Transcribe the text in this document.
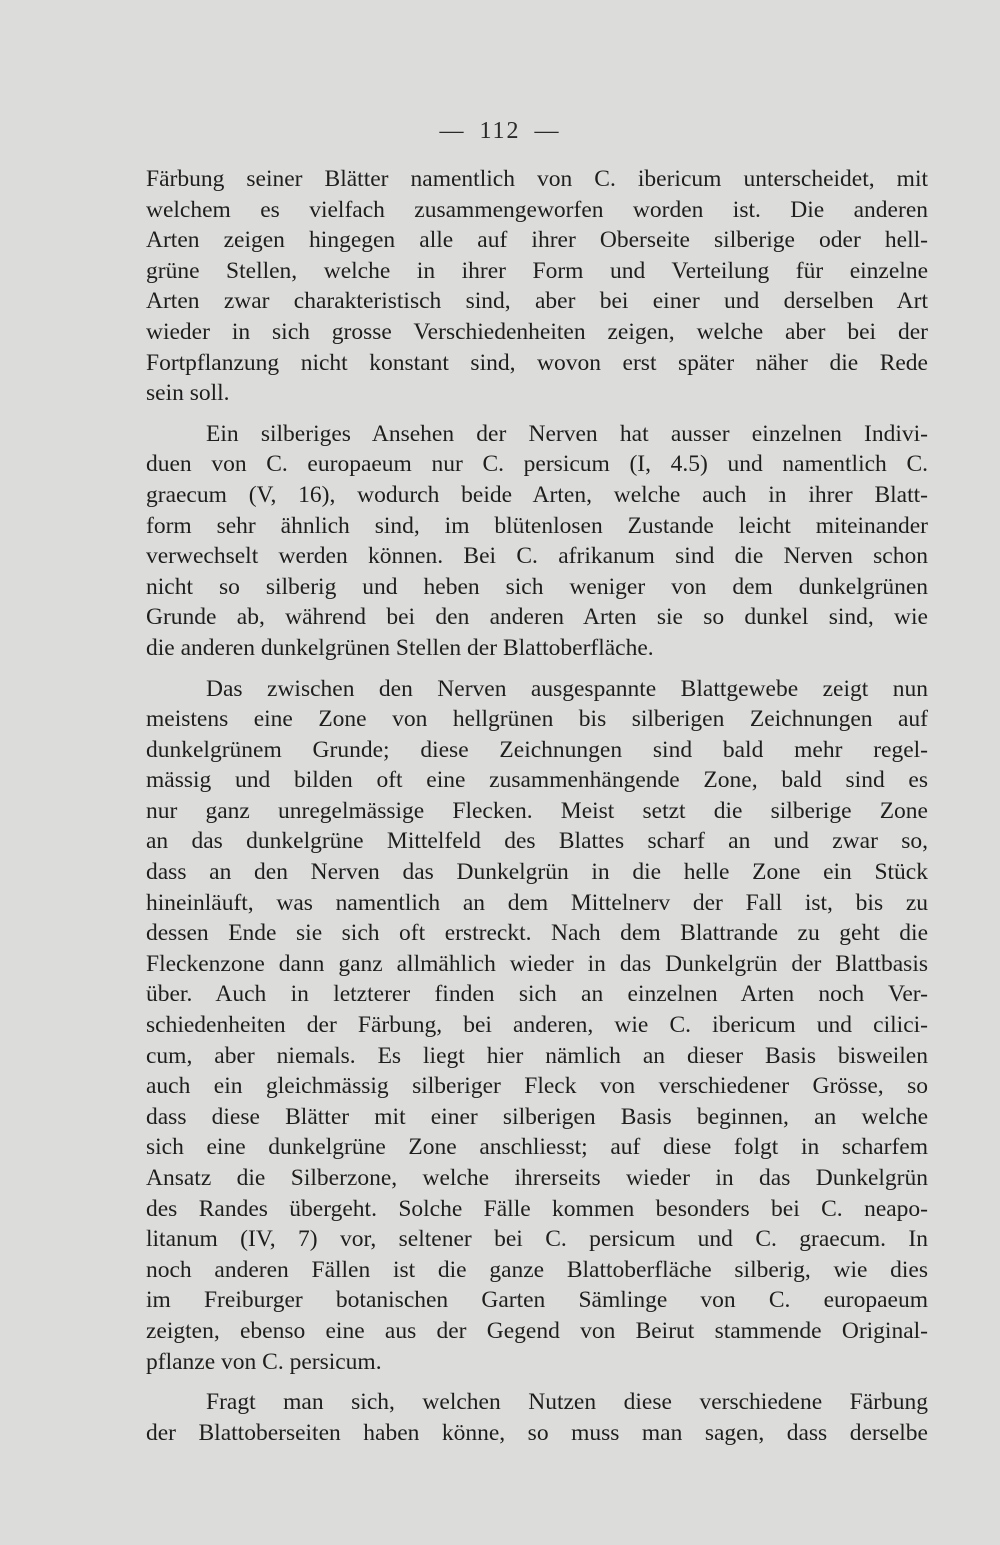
— 112 —

Färbung seiner Blätter namentlich von C. ibericum unterscheidet, mit
welchem es vielfach zusammengeworfen worden ist. Die anderen
Arten zeigen hingegen alle auf ihrer Oberseite silberige oder hell-
grüne Stellen, welche in ihrer Form und Verteilung für einzelne
Arten zwar charakteristisch sind, aber bei einer und derselben Art
wieder in sich grosse Verschiedenheiten zeigen, welche aber bei der
Fortpflanzung nicht konstant sind, wovon erst später näher die Rede
sein soll.

Ein silberiges Ansehen der Nerven hat ausser einzelnen Indivi-
duen von C. europaeum nur C. persicum (I, 4.5) und namentlich C.
graecum (V, 16), wodurch beide Arten, welche auch in ihrer Blatt-
form sehr ähnlich sind, im blütenlosen Zustande leicht miteinander
verwechselt werden können. Bei C. afrikanum sind die Nerven schon
nicht so silberig und heben sich weniger von dem dunkelgrünen
Grunde ab, während bei den anderen Arten sie so dunkel sind, wie
die anderen dunkelgrünen Stellen der Blattoberfläche.

Das zwischen den Nerven ausgespannte Blattgewebe zeigt nun
meistens eine Zone von hellgrünen bis silberigen Zeichnungen auf
dunkelgrünem Grunde; diese Zeichnungen sind bald mehr regel-
mässig und bilden oft eine zusammenhängende Zone, bald sind es
nur ganz unregelmässige Flecken. Meist setzt die silberige Zone
an das dunkelgrüne Mittelfeld des Blattes scharf an und zwar so,
dass an den Nerven das Dunkelgrün in die helle Zone ein Stück
hineinläuft, was namentlich an dem Mittelnerv der Fall ist, bis zu
dessen Ende sie sich oft erstreckt. Nach dem Blattrande zu geht die
Fleckenzone dann ganz allmählich wieder in das Dunkelgrün der Blattbasis
über. Auch in letzterer finden sich an einzelnen Arten noch Ver-
schiedenheiten der Färbung, bei anderen, wie C. ibericum und cilici-
cum, aber niemals. Es liegt hier nämlich an dieser Basis bisweilen
auch ein gleichmässig silberiger Fleck von verschiedener Grösse, so
dass diese Blätter mit einer silberigen Basis beginnen, an welche
sich eine dunkelgrüne Zone anschliesst; auf diese folgt in scharfem
Ansatz die Silberzone, welche ihrerseits wieder in das Dunkelgrün
des Randes übergeht. Solche Fälle kommen besonders bei C. neapo-
litanum (IV, 7) vor, seltener bei C. persicum und C. graecum. In
noch anderen Fällen ist die ganze Blattoberfläche silberig, wie dies
im Freiburger botanischen Garten Sämlinge von C. europaeum
zeigten, ebenso eine aus der Gegend von Beirut stammende Original-
pflanze von C. persicum.

Fragt man sich, welchen Nutzen diese verschiedene Färbung
der Blattoberseiten haben könne, so muss man sagen, dass derselbe
